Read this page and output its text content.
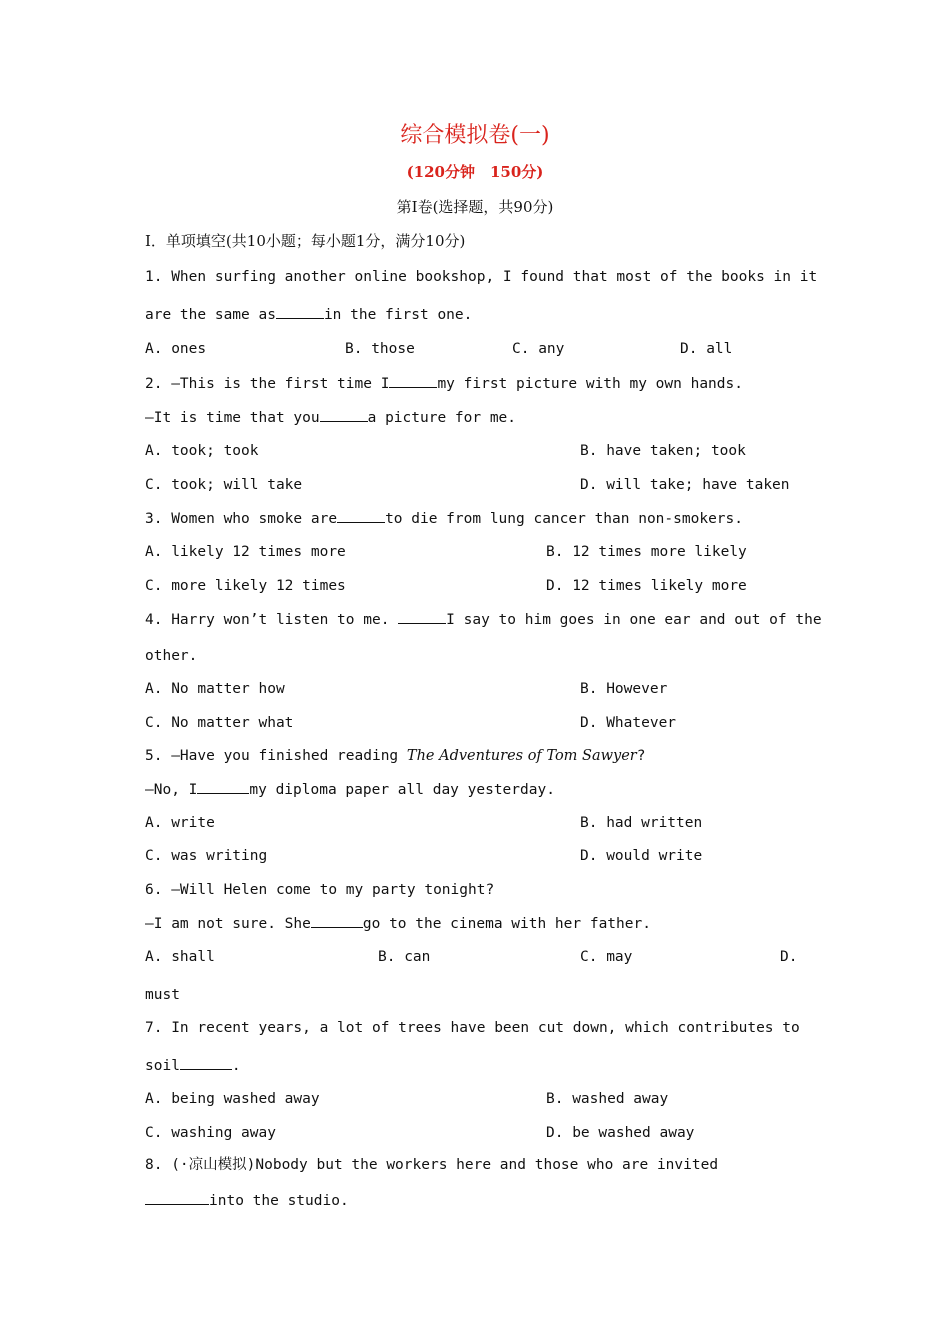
综合模拟卷(一)
(120分钟　150分)
第Ⅰ卷(选择题，共90分)
Ⅰ．单项填空(共10小题；每小题1分，满分10分)
1. When surfing another online bookshop, I found that most of the books in it
are the same as	in the first one.
A. ones	B. those	C. any	D. all
2. —This is the first time I	my first picture with my own hands.
—It is time that you	a picture for me.
A. took; took	B. have taken; took
C. took; will take	D. will take; have taken
3. Women who smoke are	to die from lung cancer than non-smokers.
A. likely 12 times more	B. 12 times more likely
C. more likely 12 times	D. 12 times likely more
4. Harry won’t listen to me.	I say to him goes in one ear and out of the
other.
A. No matter how	B. However
C. No matter what	D. Whatever
5. —Have you finished reading The Adventures of Tom Sawyer?
—No, I	my diploma paper all day yesterday.
A. write	B. had written
C. was writing	D. would write
6. —Will Helen come to my party tonight?
—I am not sure. She	go to the cinema with her father.
A. shall	B. can	C. may	D.
must
7. In recent years, a lot of trees have been cut down, which contributes to
soil	.
A. being washed away	B. washed away
C. washing away	D. be washed away
8. (·凉山模拟)Nobody but the workers here and those who are invited
into the studio.
